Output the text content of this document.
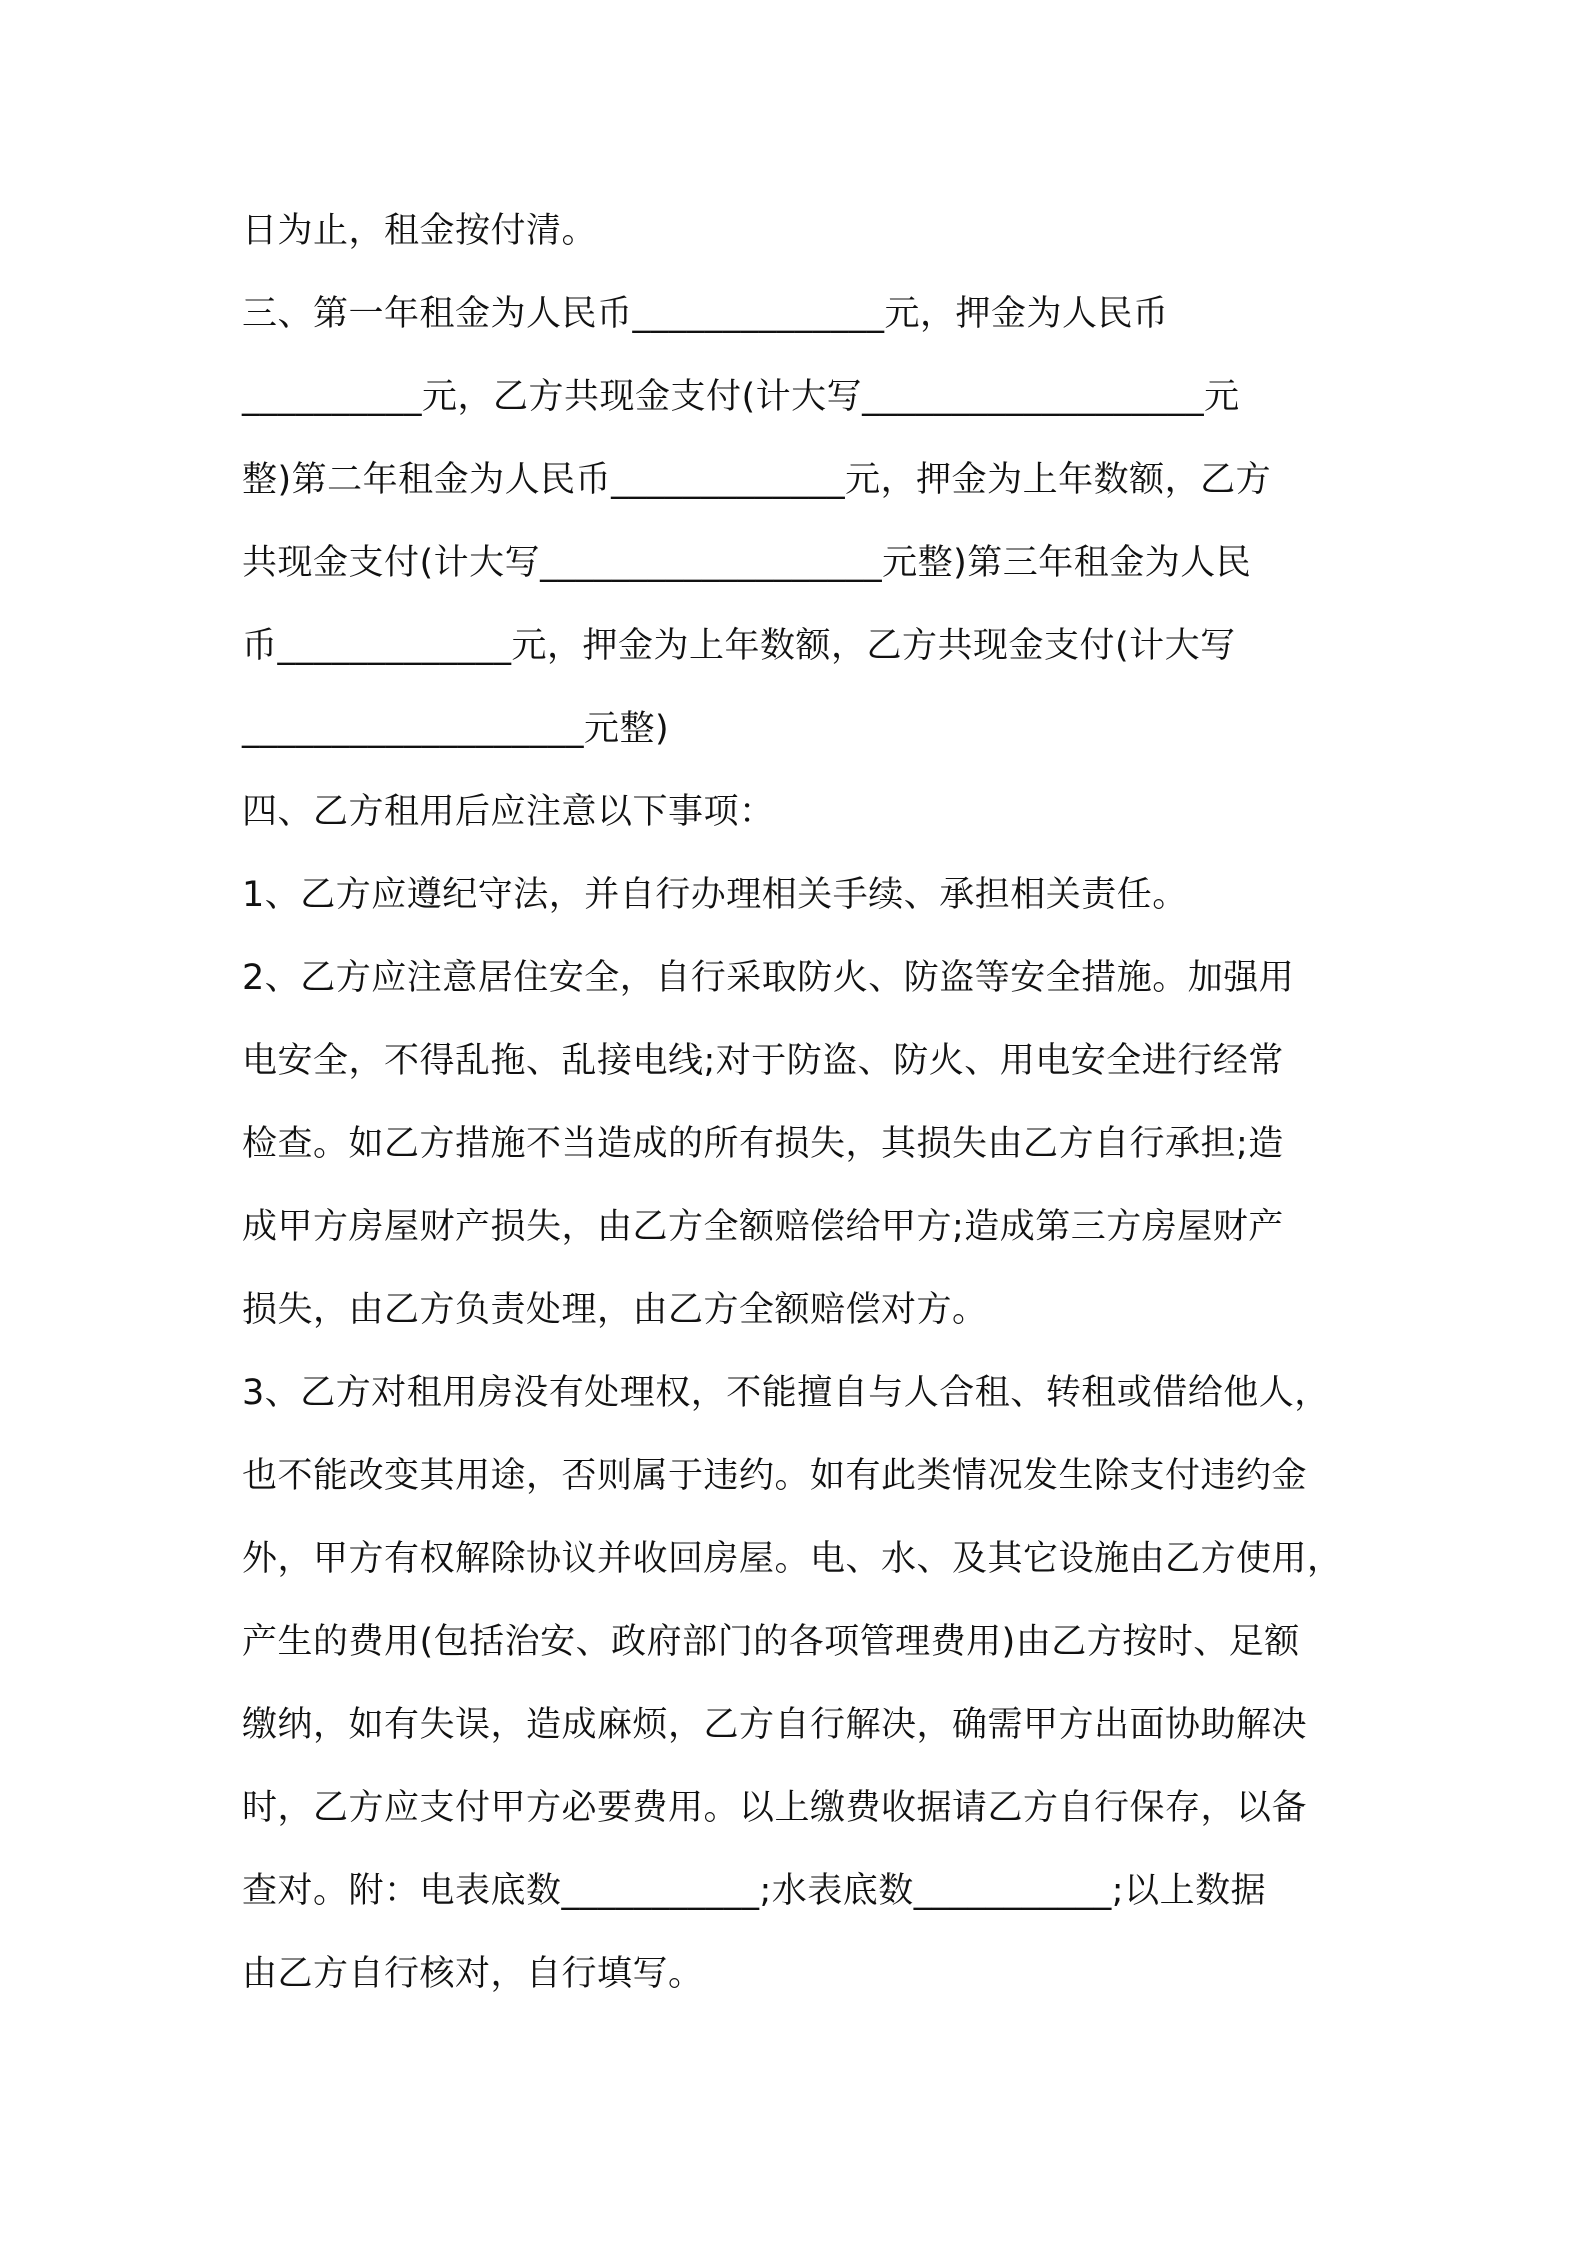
日为止，租金按付清。
三、第一年租金为人民币______________元，押金为人民币
__________元，乙方共现金支付(计大写___________________元
整)第二年租金为人民币_____________元，押金为上年数额，乙方
共现金支付(计大写___________________元整)第三年租金为人民
币_____________元，押金为上年数额，乙方共现金支付(计大写
___________________元整)
四、乙方租用后应注意以下事项：
1、乙方应遵纪守法，并自行办理相关手续、承担相关责任。
2、乙方应注意居住安全，自行采取防火、防盗等安全措施。加强用
电安全，不得乱拖、乱接电线;对于防盗、防火、用电安全进行经常
检查。如乙方措施不当造成的所有损失，其损失由乙方自行承担;造
成甲方房屋财产损失，由乙方全额赔偿给甲方;造成第三方房屋财产
损失，由乙方负责处理，由乙方全额赔偿对方。
3、乙方对租用房没有处理权，不能擅自与人合租、转租或借给他人，
也不能改变其用途，否则属于违约。如有此类情况发生除支付违约金
外，甲方有权解除协议并收回房屋。电、水、及其它设施由乙方使用，
产生的费用(包括治安、政府部门的各项管理费用)由乙方按时、足额
缴纳，如有失误，造成麻烦，乙方自行解决，确需甲方出面协助解决
时，乙方应支付甲方必要费用。以上缴费收据请乙方自行保存，以备
查对。附：电表底数___________;水表底数___________;以上数据
由乙方自行核对，自行填写。
